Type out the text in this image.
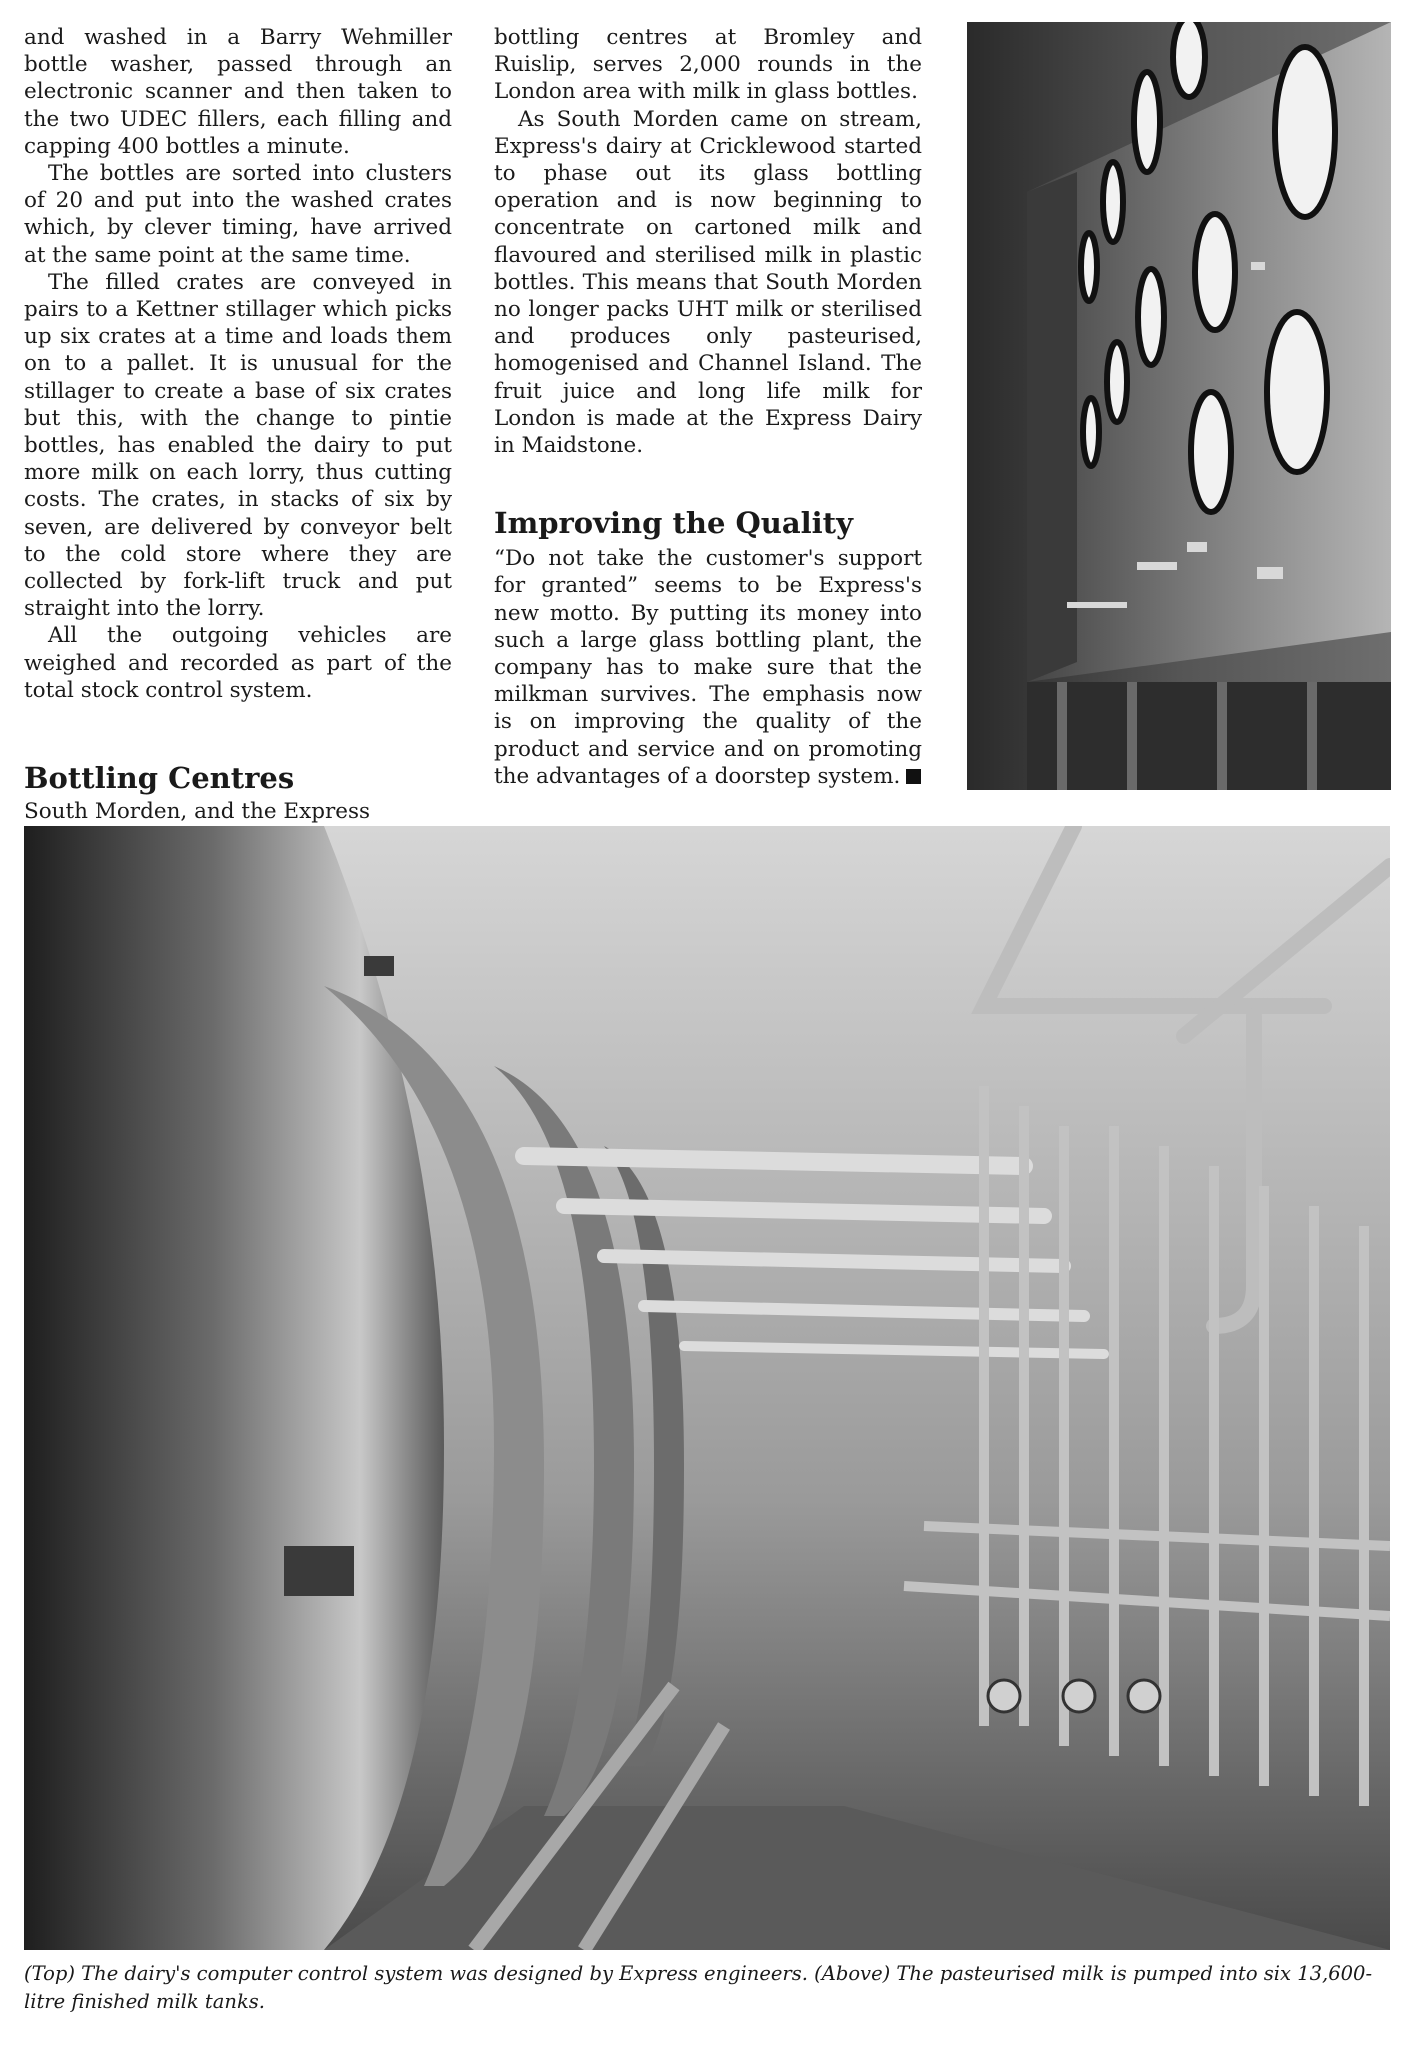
and washed in a Barry Wehmiller bottle washer, passed through an electronic scanner and then taken to the two UDEC fillers, each filling and capping 400 bottles a minute.

The bottles are sorted into clusters of 20 and put into the washed crates which, by clever timing, have arrived at the same point at the same time.

The filled crates are conveyed in pairs to a Kettner stillager which picks up six crates at a time and loads them on to a pallet. It is unusual for the stillager to create a base of six crates but this, with the change to pintie bottles, has enabled the dairy to put more milk on each lorry, thus cutting costs. The crates, in stacks of six by seven, are delivered by conveyor belt to the cold store where they are collected by fork-lift truck and put straight into the lorry.

All the outgoing vehicles are weighed and recorded as part of the total stock control system.

Bottling Centres

South Morden, and the Express

bottling centres at Bromley and Ruislip, serves 2,000 rounds in the London area with milk in glass bottles.

As South Morden came on stream, Express's dairy at Cricklewood started to phase out its glass bottling operation and is now beginning to concentrate on cartoned milk and flavoured and sterilised milk in plastic bottles. This means that South Morden no longer packs UHT milk or sterilised and produces only pasteurised, homogenised and Channel Island. The fruit juice and long life milk for London is made at the Express Dairy in Maidstone.

Improving the Quality

“Do not take the customer's support for granted” seems to be Express's new motto. By putting its money into such a large glass bottling plant, the company has to make sure that the milkman survives. The emphasis now is on improving the quality of the product and service and on promoting the advantages of a doorstep system.

(Top) The dairy's computer control system was designed by Express engineers. (Above) The pasteurised milk is pumped into six 13,600-litre finished milk tanks.
